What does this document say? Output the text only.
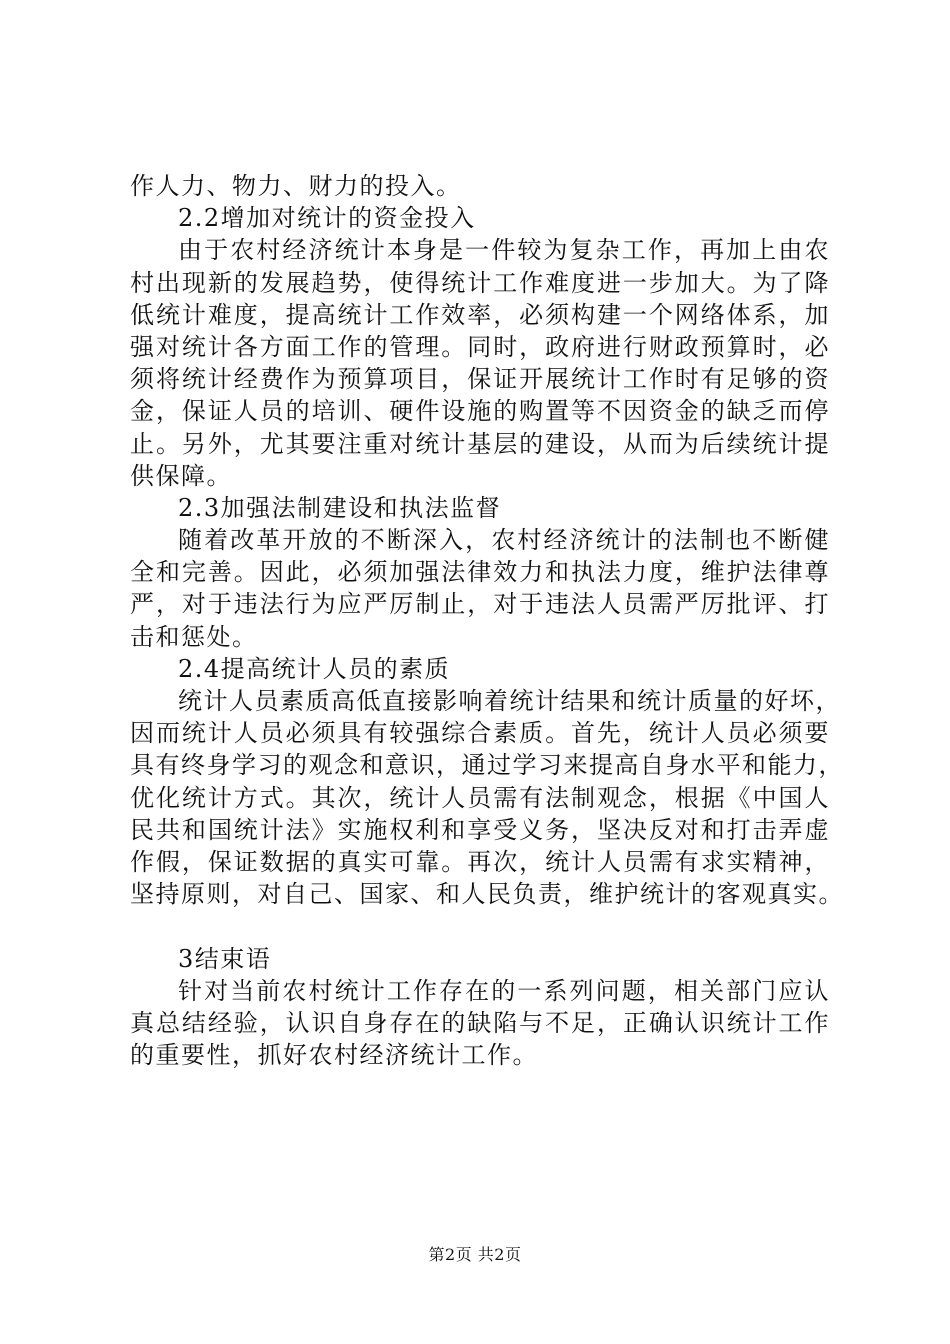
作人力、物力、财力的投入。
2.2增加对统计的资金投入
由于农村经济统计本身是一件较为复杂工作，再加上由农
村出现新的发展趋势，使得统计工作难度进一步加大。为了降
低统计难度，提高统计工作效率，必须构建一个网络体系，加
强对统计各方面工作的管理。同时，政府进行财政预算时，必
须将统计经费作为预算项目，保证开展统计工作时有足够的资
金，保证人员的培训、硬件设施的购置等不因资金的缺乏而停
止。另外，尤其要注重对统计基层的建设，从而为后续统计提
供保障。
2.3加强法制建设和执法监督
随着改革开放的不断深入，农村经济统计的法制也不断健
全和完善。因此，必须加强法律效力和执法力度，维护法律尊
严，对于违法行为应严厉制止，对于违法人员需严厉批评、打
击和惩处。
2.4提高统计人员的素质
统计人员素质高低直接影响着统计结果和统计质量的好坏，
因而统计人员必须具有较强综合素质。首先，统计人员必须要
具有终身学习的观念和意识，通过学习来提高自身水平和能力，
优化统计方式。其次，统计人员需有法制观念，根据《中国人
民共和国统计法》实施权利和享受义务，坚决反对和打击弄虚
作假，保证数据的真实可靠。再次，统计人员需有求实精神，
坚持原则，对自己、国家、和人民负责，维护统计的客观真实。
3结束语
针对当前农村统计工作存在的一系列问题，相关部门应认
真总结经验，认识自身存在的缺陷与不足，正确认识统计工作
的重要性，抓好农村经济统计工作。
第2页 共2页
